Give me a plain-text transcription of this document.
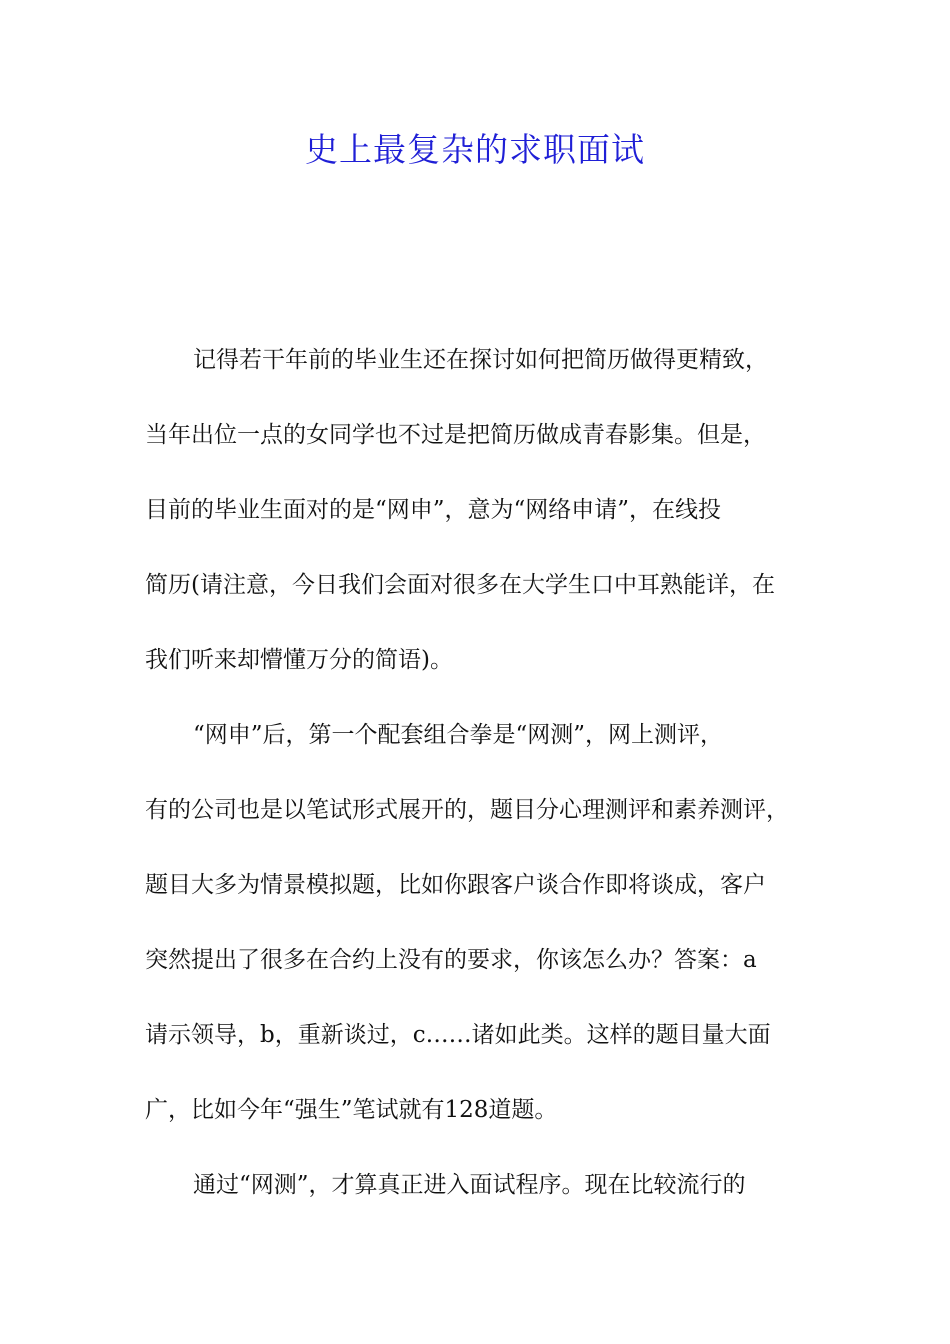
史上最复杂的求职面试
记得若干年前的毕业生还在探讨如何把简历做得更精致，
当年出位一点的女同学也不过是把简历做成青春影集。但是，
目前的毕业生面对的是“网申”，意为“网络申请”，在线投
简历(请注意，今日我们会面对很多在大学生口中耳熟能详，在
我们听来却懵懂万分的简语)。
“网申”后，第一个配套组合拳是“网测”，网上测评，
有的公司也是以笔试形式展开的，题目分心理测评和素养测评，
题目大多为情景模拟题，比如你跟客户谈合作即将谈成，客户
突然提出了很多在合约上没有的要求，你该怎么办？答案：a
请示领导，b，重新谈过，c……诸如此类。这样的题目量大面
广，比如今年“强生”笔试就有128道题。
通过“网测”，才算真正进入面试程序。现在比较流行的
